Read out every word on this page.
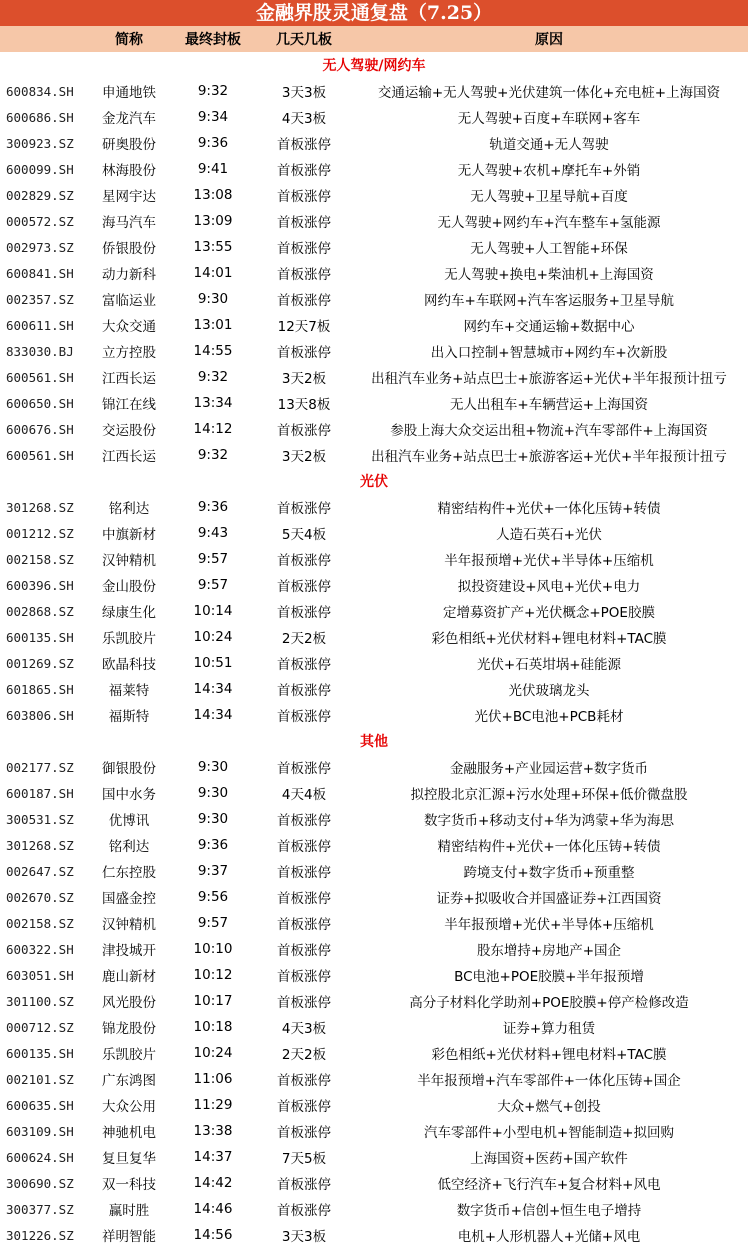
金融界股灵通复盘（7.25）
简称	最终封板	几天几板	原因
无人驾驶/网约车
600834.SH	申通地铁	9:32	3天3板	交通运输+无人驾驶+光伏建筑一体化+充电桩+上海国资
600686.SH	金龙汽车	9:34	4天3板	无人驾驶+百度+车联网+客车
300923.SZ	研奥股份	9:36	首板涨停	轨道交通+无人驾驶
600099.SH	林海股份	9:41	首板涨停	无人驾驶+农机+摩托车+外销
002829.SZ	星网宇达	13:08	首板涨停	无人驾驶+卫星导航+百度
000572.SZ	海马汽车	13:09	首板涨停	无人驾驶+网约车+汽车整车+氢能源
002973.SZ	侨银股份	13:55	首板涨停	无人驾驶+人工智能+环保
600841.SH	动力新科	14:01	首板涨停	无人驾驶+换电+柴油机+上海国资
002357.SZ	富临运业	9:30	首板涨停	网约车+车联网+汽车客运服务+卫星导航
600611.SH	大众交通	13:01	12天7板	网约车+交通运输+数据中心
833030.BJ	立方控股	14:55	首板涨停	出入口控制+智慧城市+网约车+次新股
600561.SH	江西长运	9:32	3天2板	出租汽车业务+站点巴士+旅游客运+光伏+半年报预计扭亏
600650.SH	锦江在线	13:34	13天8板	无人出租车+车辆营运+上海国资
600676.SH	交运股份	14:12	首板涨停	参股上海大众交运出租+物流+汽车零部件+上海国资
600561.SH	江西长运	9:32	3天2板	出租汽车业务+站点巴士+旅游客运+光伏+半年报预计扭亏
光伏
301268.SZ	铭利达	9:36	首板涨停	精密结构件+光伏+一体化压铸+转债
001212.SZ	中旗新材	9:43	5天4板	人造石英石+光伏
002158.SZ	汉钟精机	9:57	首板涨停	半年报预增+光伏+半导体+压缩机
600396.SH	金山股份	9:57	首板涨停	拟投资建设+风电+光伏+电力
002868.SZ	绿康生化	10:14	首板涨停	定增募资扩产+光伏概念+POE胶膜
600135.SH	乐凯胶片	10:24	2天2板	彩色相纸+光伏材料+锂电材料+TAC膜
001269.SZ	欧晶科技	10:51	首板涨停	光伏+石英坩埚+硅能源
601865.SH	福莱特	14:34	首板涨停	光伏玻璃龙头
603806.SH	福斯特	14:34	首板涨停	光伏+BC电池+PCB耗材
其他
002177.SZ	御银股份	9:30	首板涨停	金融服务+产业园运营+数字货币
600187.SH	国中水务	9:30	4天4板	拟控股北京汇源+污水处理+环保+低价微盘股
300531.SZ	优博讯	9:30	首板涨停	数字货币+移动支付+华为鸿蒙+华为海思
301268.SZ	铭利达	9:36	首板涨停	精密结构件+光伏+一体化压铸+转债
002647.SZ	仁东控股	9:37	首板涨停	跨境支付+数字货币+预重整
002670.SZ	国盛金控	9:56	首板涨停	证券+拟吸收合并国盛证券+江西国资
002158.SZ	汉钟精机	9:57	首板涨停	半年报预增+光伏+半导体+压缩机
600322.SH	津投城开	10:10	首板涨停	股东增持+房地产+国企
603051.SH	鹿山新材	10:12	首板涨停	BC电池+POE胶膜+半年报预增
301100.SZ	风光股份	10:17	首板涨停	高分子材料化学助剂+POE胶膜+停产检修改造
000712.SZ	锦龙股份	10:18	4天3板	证券+算力租赁
600135.SH	乐凯胶片	10:24	2天2板	彩色相纸+光伏材料+锂电材料+TAC膜
002101.SZ	广东鸿图	11:06	首板涨停	半年报预增+汽车零部件+一体化压铸+国企
600635.SH	大众公用	11:29	首板涨停	大众+燃气+创投
603109.SH	神驰机电	13:38	首板涨停	汽车零部件+小型电机+智能制造+拟回购
600624.SH	复旦复华	14:37	7天5板	上海国资+医药+国产软件
300690.SZ	双一科技	14:42	首板涨停	低空经济+飞行汽车+复合材料+风电
300377.SZ	赢时胜	14:46	首板涨停	数字货币+信创+恒生电子增持
301226.SZ	祥明智能	14:56	3天3板	电机+人形机器人+光储+风电
